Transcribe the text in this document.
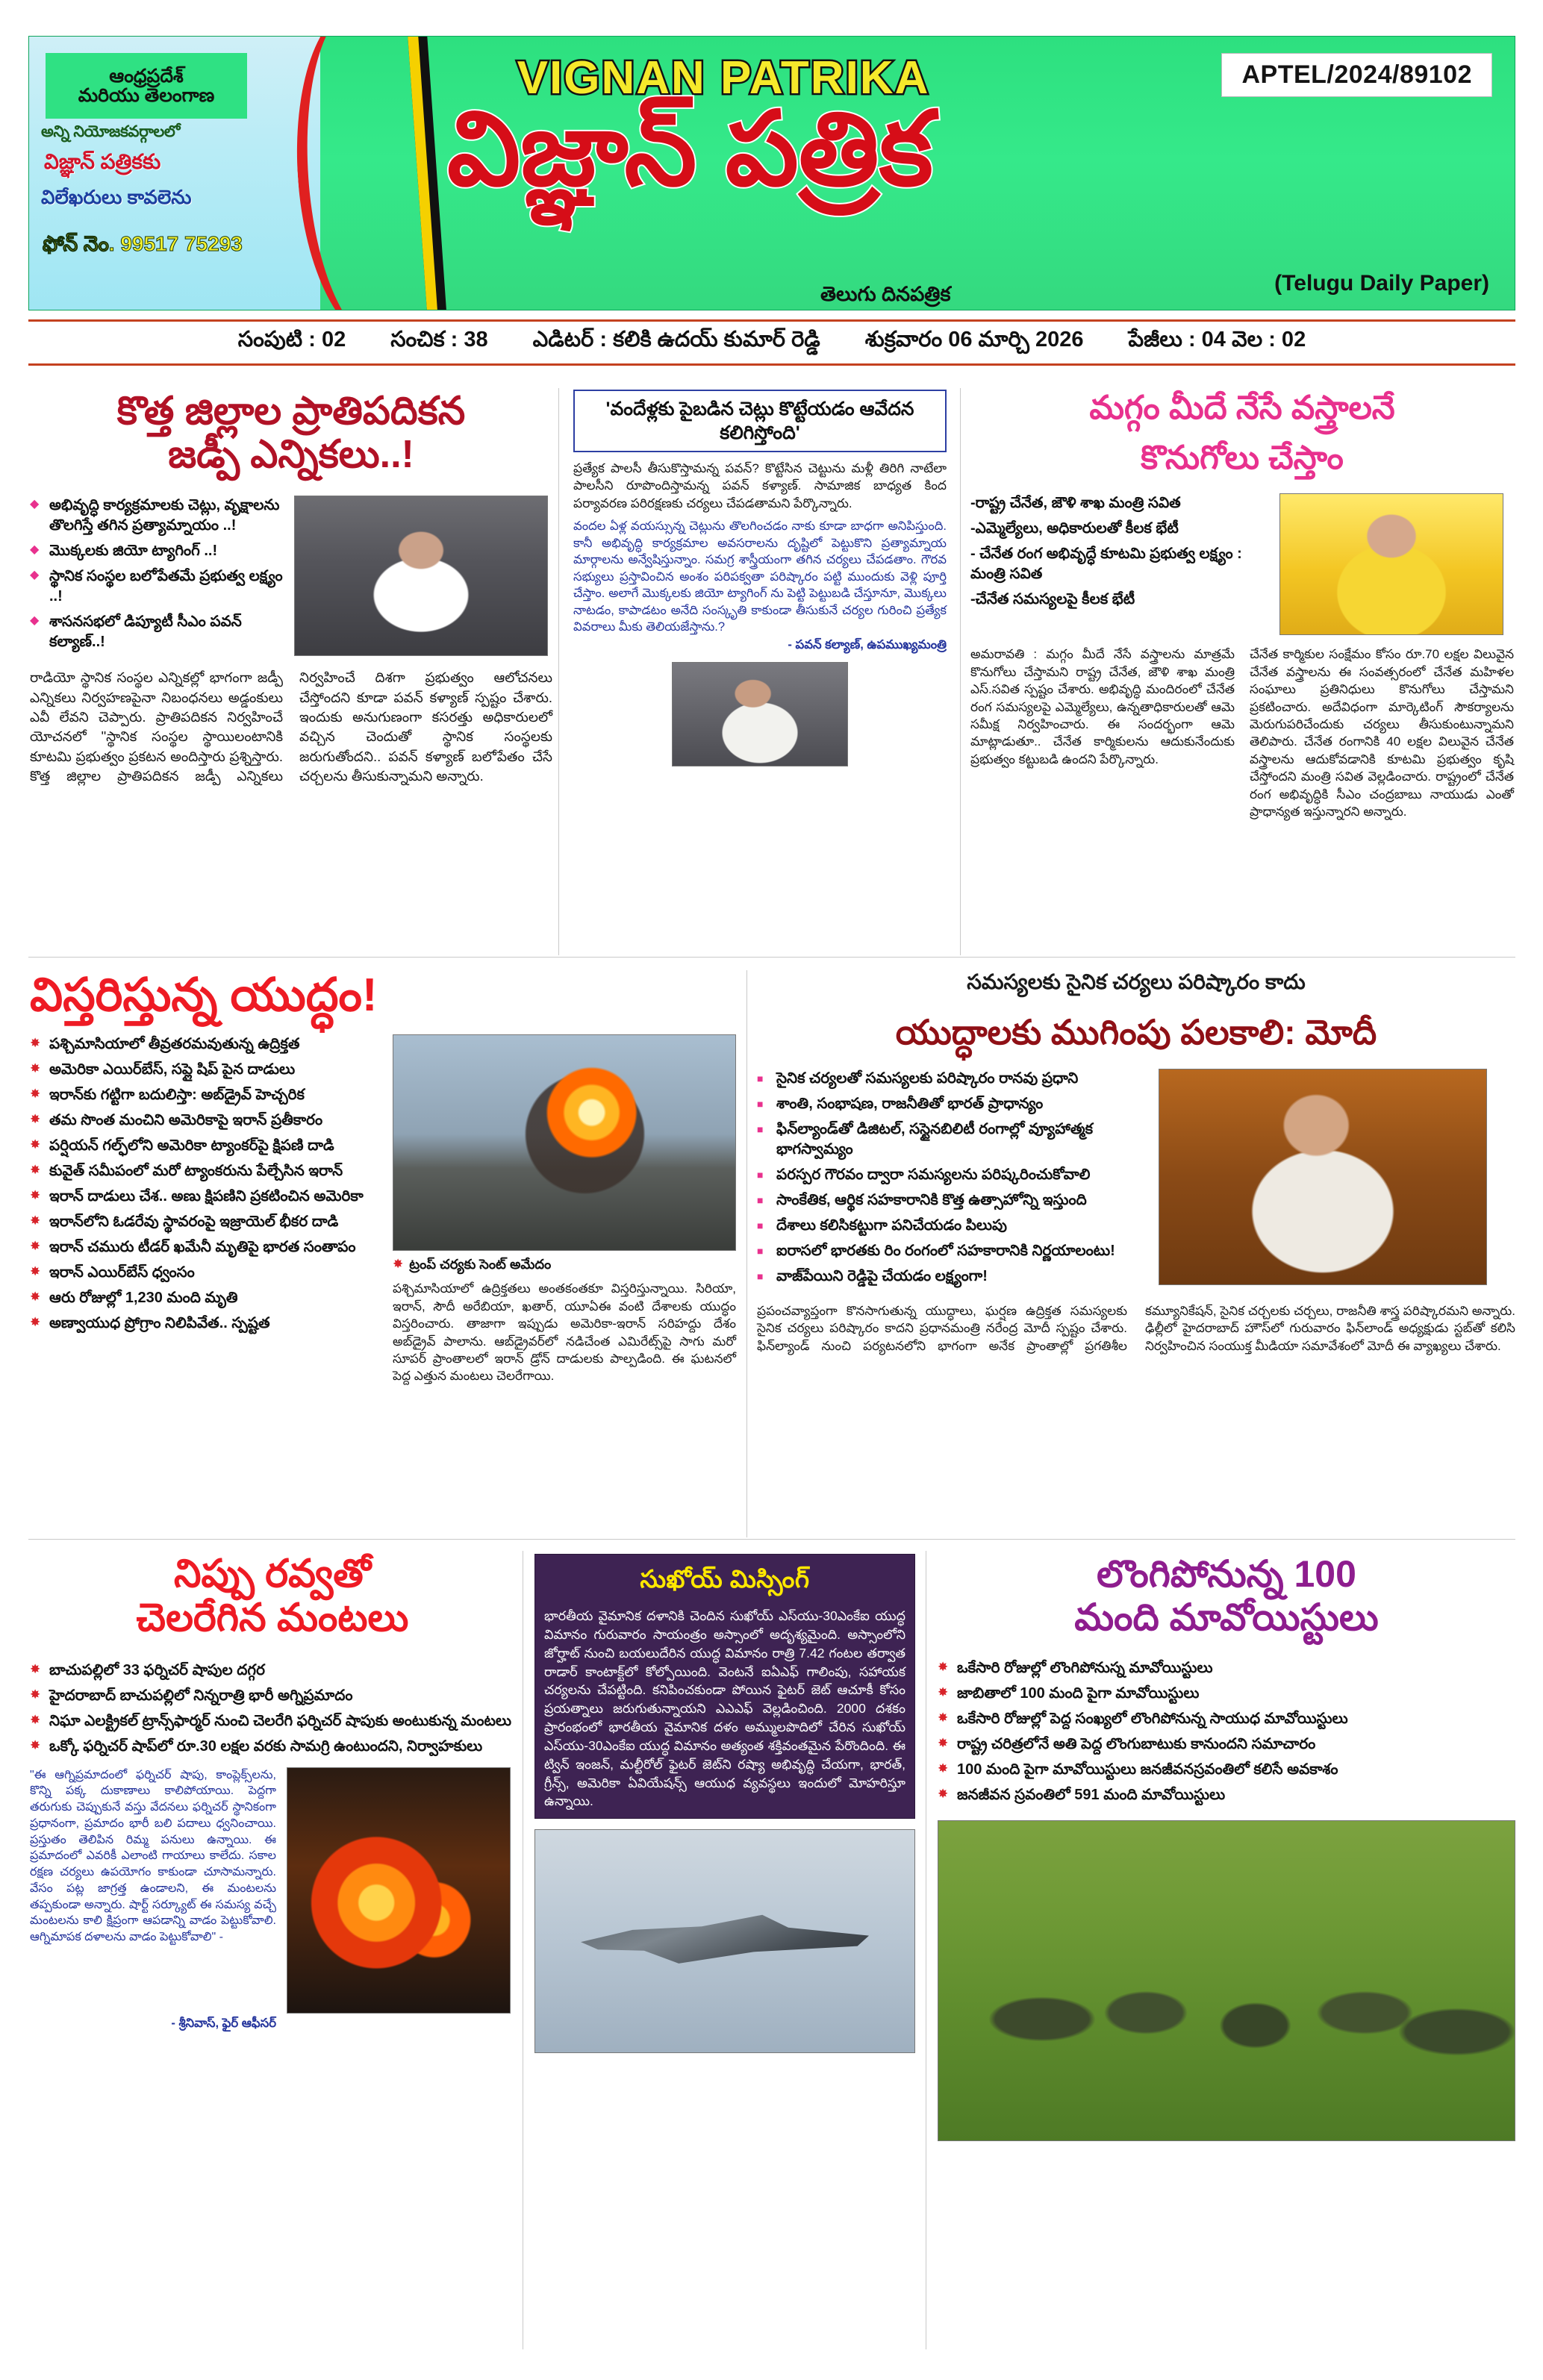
ఆంధ్రప్రదేశ్
మరియు తెలంగాణ
అన్ని నియోజకవర్గాలలో
విజ్ఞాన్ పత్రికకు
విలేఖరులు కావలెను
ఫోన్ నెం. 99517 75293
VIGNAN PATRIKA
విజ్ఞాన్ పత్రిక
తెలుగు దినపత్రిక
APTEL/2024/89102
(Telugu Daily Paper)
సంపుటి : 02 సంచిక : 38 ఎడిటర్ : కలికి ఉదయ్ కుమార్ రెడ్డి శుక్రవారం 06 మార్చి 2026 పేజీలు : 04 వెల : 02
కొత్త జిల్లాల ప్రాతిపదికన
జడ్పీ ఎన్నికలు..!
◆ అభివృద్ధి కార్యక్రమాలకు చెట్లు, వృక్షాలను తొలగిస్తే తగిన ప్రత్యామ్నాయం ..!
◆ మొక్కలకు జియో ట్యాగింగ్ ..!
◆ స్థానిక సంస్థల బలోపేతమే ప్రభుత్వ లక్ష్యం ..!
◆ శాసనసభలో డిప్యూటీ సీఎం పవన్ కల్యాణ్..!
రాడియో స్థానిక సంస్థల ఎన్నికల్లో భాగంగా జడ్పీ ఎన్నికలు నిర్వహణపైనా నిబంధనలు అడ్డంకులు ఎవీ లేవని చెప్పారు. ప్రాతిపదికన నిర్వహించే యోచనలో "స్థానిక సంస్థల స్థాయిలంటానికి కూటమి ప్రభుత్వం ప్రకటన అందిస్తారు ప్రశ్నిస్తారు. కొత్త జిల్లాల ప్రాతిపదికన జడ్పీ ఎన్నికలు నిర్వహించే దిశగా ప్రభుత్వం ఆలోచనలు చేస్తోందని కూడా పవన్ కళ్యాణ్ స్పష్టం చేశారు. ఇందుకు అనుగుణంగా కసరత్తు అధికారులలో వచ్చిన చెందుతో స్థానిక సంస్థలకు జరుగుతోందని.. పవన్ కళ్యాణ్ బలోపేతం చేసే చర్చలను తీసుకున్నామని అన్నారు.
'వందేళ్లకు పైబడిన చెట్లు కొట్టేయడం ఆవేదన కలిగిస్తోంది'
ప్రత్యేక పాలసీ తీసుకొస్తామన్న పవన్? కొట్టేసిన చెట్టును మళ్లీ తిరిగి నాటేలా పాలసీని రూపొందిస్తామన్న పవన్ కళ్యాణ్. సామాజిక బాధ్యత కింద పర్యావరణ పరిరక్షణకు చర్యలు చేపడతామని పేర్కొన్నారు.
వందల ఏళ్ల వయస్సున్న చెట్లును తొలగించడం నాకు కూడా బాధగా అనిపిస్తుంది. కానీ అభివృద్ధి కార్యక్రమాల అవసరాలను దృష్టిలో పెట్టుకొని ప్రత్యామ్నాయ మార్గాలను అన్వేషిస్తున్నాం. సమగ్ర శాస్త్రీయంగా తగిన చర్యలు చేపడతాం. గౌరవ సభ్యులు ప్రస్తావించిన అంశం పరిపక్వతా పరిష్కారం పట్టి ముందుకు వెళ్లి పూర్తి చేస్తాం. అలాగే మొక్కలకు జియో ట్యాగింగ్ ను పెట్టి పెట్టుబడి చేస్తూనూ, మొక్కలు నాటడం, కాపాడటం అనేది సంస్కృతి కాకుండా తీసుకునే చర్యల గురించి ప్రత్యేక వివరాలు మీకు తెలియజేస్తాను.?
- పవన్ కల్యాణ్, ఉపముఖ్యమంత్రి
మగ్గం మీదే నేసే వస్త్రాలనే
కొనుగోలు చేస్తాం
-రాష్ట్ర చేనేత, జౌళి శాఖ మంత్రి సవిత
-ఎమ్మెల్యేలు, అధికారులతో కీలక భేటీ
- చేనేత రంగ అభివృద్ధే కూటమి ప్రభుత్వ లక్ష్యం : మంత్రి సవిత
-చేనేత సమస్యలపై కీలక భేటీ
అమరావతి : మగ్గం మీదే నేసే వస్త్రాలను మాత్రమే కొనుగోలు చేస్తామని రాష్ట్ర చేనేత, జౌళి శాఖ మంత్రి ఎస్.సవిత స్పష్టం చేశారు. అభివృద్ధి మందిరంలో చేనేత రంగ సమస్యలపై ఎమ్మెల్యేలు, ఉన్నతాధికారులతో ఆమె సమీక్ష నిర్వహించారు. ఈ సందర్భంగా ఆమె మాట్లాడుతూ.. చేనేత కార్మికులను ఆదుకునేందుకు ప్రభుత్వం కట్టుబడి ఉందని పేర్కొన్నారు.
చేనేత కార్మికుల సంక్షేమం కోసం రూ.70 లక్షల విలువైన చేనేత వస్త్రాలను ఈ సంవత్సరంలో చేనేత మహిళల సంఘాలు ప్రతినిధులు కొనుగోలు చేస్తామని ప్రకటించారు. అదేవిధంగా మార్కెటింగ్ సౌకర్యాలను మెరుగుపరిచేందుకు చర్యలు తీసుకుంటున్నామని తెలిపారు. చేనేత రంగానికి 40 లక్షల విలువైన చేనేత వస్త్రాలను ఆదుకోవడానికి కూటమి ప్రభుత్వం కృషి చేస్తోందని మంత్రి సవిత వెల్లడించారు. రాష్ట్రంలో చేనేత రంగ అభివృద్ధికి సీఎం చంద్రబాబు నాయుడు ఎంతో ప్రాధాన్యత ఇస్తున్నారని అన్నారు.
విస్తరిస్తున్న యుద్ధం!
✸ పశ్చిమాసియాలో తీవ్రతరమవుతున్న ఉద్రిక్తత
✸ అమెరికా ఎయిర్‌బేస్, సప్లై షిప్ పైన దాడులు
✸ ఇరాన్‌కు గట్టిగా బదులిస్తా: అబ్‌డ్రైవ్ హెచ్చరిక
✸ తమ సొంత మంచిని అమెరికాపై ఇరాన్ ప్రతీకారం
✸ పర్షియన్ గల్ఫ్‌లోని అమెరికా ట్యాంకర్‌పై క్షిపణి దాడి
✸ కువైత్ సమీపంలో మరో ట్యాంకరును పేల్చేసిన ఇరాన్
✸ ఇరాన్ దాడులు చేశ.. అణు క్షిపణిని ప్రకటించిన అమెరికా
✸ ఇరాన్‌లోని ఓడరేవు స్థావరంపై ఇజ్రాయెల్ భీకర దాడి
✸ ఇరాన్ చమురు టీడర్ ఖమేనీ మృతిపై భారత సంతాపం
✸ ఇరాన్ ఎయిర్‌బేస్ ధ్వంసం
✸ ఆరు రోజుల్లో 1,230 మంది మృతి
✸ అణ్వాయుధ ప్రోగ్రాం నిలిపివేత.. స్పష్టత
✸ ట్రంప్ చర్యకు సెంట్ అమేదం
పశ్చిమాసియాలో ఉద్రిక్తతలు అంతకంతకూ విస్తరిస్తున్నాయి. సిరియా, ఇరాన్, సౌదీ అరేబియా, ఖతార్, యూఏఈ వంటి దేశాలకు యుద్ధం విస్తరించారు. తాజాగా ఇప్పుడు అమెరికా-ఇరాన్ సరిహద్దు దేశం అబ్‌డ్రైవ్ పాలాను. ఆబ్‌డ్రైవర్‌లో నడిచేంత ఎమిరేట్స్‌పై సాగు మరో సూపర్ ప్రాంతాలలో ఇరాన్ డ్రోన్ దాడులకు పాల్పడింది. ఈ ఘటనలో పెద్ద ఎత్తున మంటలు చెలరేగాయి.
సమస్యలకు సైనిక చర్యలు పరిష్కారం కాదు
యుద్ధాలకు ముగింపు పలకాలి: మోదీ
■ సైనిక చర్యలతో సమస్యలకు పరిష్కారం రానవు ప్రధాని
■ శాంతి, సంభాషణ, రాజనీతితో భారత్ ప్రాధాన్యం
■ ఫిన్‌ల్యాండ్‌తో డిజిటల్, సస్టైనబిలిటీ రంగాల్లో వ్యూహాత్మక భాగస్వామ్యం
■ పరస్పర గౌరవం ద్వారా సమస్యలను పరిష్కరించుకోవాలి
■ సాంకేతిక, ఆర్థిక సహకారానికి కొత్త ఉత్సాహోన్ని ఇస్తుంది
■ దేశాలు కలిసికట్టుగా పనిచేయడం పిలుపు
■ ఐరాసలో భారతకు రిం రంగంలో సహకారానికి నిర్ణయాలంటు!
■ వాజ్‌పేయిని రెడ్డిపై చేయడం లక్ష్యంగా!
ప్రపంచవ్యాప్తంగా కొనసాగుతున్న యుద్ధాలు, ఘర్షణ ఉద్రిక్తత సమస్యలకు సైనిక చర్యలు పరిష్కారం కాదని ప్రధానమంత్రి నరేంద్ర మోదీ స్పష్టం చేశారు. ఫిన్‌ల్యాండ్ నుంచి పర్యటనలోని భాగంగా అనేక ప్రాంతాల్లో ప్రగతిశీల కమ్యూనికేషన్, సైనిక చర్చలకు చర్చలు, రాజనీతి శాస్త్ర పరిష్కారమని అన్నారు. ఢిల్లీలో హైదరాబాద్ హౌస్‌లో గురువారం ఫిన్‌లాండ్ అధ్యక్షుడు స్టబ్‌తో కలిసి నిర్వహించిన సంయుక్త మీడియా సమావేశంలో మోదీ ఈ వ్యాఖ్యలు చేశారు.
నిప్పు రవ్వతో
చెలరేగిన మంటలు
✸ బాచుపల్లిలో 33 ఫర్నిచర్ షాపుల దగ్గర
✸ హైదరాబాద్ బాచుపల్లిలో నిన్నరాత్రి భారీ అగ్నిప్రమాదం
✸ నిఘా ఎలక్ట్రికల్ ట్రాన్స్‌ఫార్మర్ నుంచి చెలరేగి ఫర్నిచర్ షాపుకు అంటుకున్న మంటలు
✸ ఒక్కో ఫర్నిచర్ షాప్‌లో రూ.30 లక్షల వరకు సామగ్రి ఉంటుందని, నిర్వాహకులు
"ఈ ఆగ్నిప్రమాదంలో ఫర్నిచర్ షాపు, కాంప్లెక్స్‌లను, కొన్ని పక్క దుకాణాలు కాలిపోయాయి. పెద్దగా తరుగుకు చెప్పుకునే వస్తు వేదనలు ఫర్నిచర్ స్థానికంగా ప్రధానంగా, ప్రమాదం భారీ బలి పదాలు ధ్వనించాయి. ప్రస్తుతం తెలిపిన రిమ్మ పనులు ఉన్నాయి. ఈ ప్రమాదంలో ఎవరికీ ఎలాంటి గాయాలు కాలేదు. సకాల రక్షణ చర్యలు ఉపయోగం కాకుండా చూసామన్నారు. వేసం పట్ల జాగ్రత్త ఉండాలని, ఈ మంటలను తప్పకుండా అన్నారు. షార్ట్ సర్క్యూట్ ఈ సమస్య వచ్చే మంటలను కాలి క్షిప్రంగా ఆపడాన్ని వాడం పెట్టుకోవాలి. ఆగ్నిమాపక దళాలను వాడం పెట్టుకోవాలి" -
- శ్రీనివాస్, ఫైర్ ఆఫీసర్
సుఖోయ్ మిస్సింగ్

భారతీయ వైమానిక దళానికి చెందిన సుఖోయ్ ఎస్‌యు-30ఎంకేఐ యుద్ధ విమానం గురువారం సాయంత్రం అస్సాంలో అదృశ్యమైంది. అస్సాంలోని జోర్హాట్ నుంచి బయలుదేరిన యుద్ధ విమానం రాత్రి 7.42 గంటల తర్వాత రాడార్ కాంటాక్ట్‌లో కోల్పోయింది. వెంటనే ఐఏఎఫ్ గాలింపు, సహాయక చర్యలను చేపట్టింది. కనిపించకుండా పోయిన ఫైటర్ జెట్ ఆచూకీ కోసం ప్రయత్నాలు జరుగుతున్నాయని ఎఎఎఫ్ వెల్లడించింది. 2000 దశకం ప్రారంభంలో భారతీయ వైమానిక దళం అమ్ములపొదిలో చేరిన సుఖోయ్ ఎస్‌యు-30ఎంకేఐ యుద్ధ విమానం అత్యంత శక్తివంతమైన పేరొందింది. ఈ ట్విన్ ఇంజన్, మల్టీరోల్ ఫైటర్ జెట్‌ని రష్యా అభివృద్ధి చేయగా, భారత్, గ్రీన్స్, అమెరికా ఏవియేషన్స్ ఆయుధ వ్యవస్థలు ఇందులో మోహరిస్తూ ఉన్నాయి.

లొంగిపోనున్న 100
మంది మావోయిస్టులు
✸ ఒకేసారి రోజుల్లో లొంగిపోనుస్న మావోయిస్టులు
✸ జాబితాలో 100 మంది పైగా మావోయిస్టులు
✸ ఒకేసారి రోజుల్లో పెద్ద సంఖ్యలో లొంగిపోనున్న సాయుధ మావోయిస్టులు
✸ రాష్ట్ర చరిత్రలోనే అతి పెద్ద లొంగుబాటుకు కానుందని సమాచారం
✸ 100 మంది పైగా మావోయిస్టులు జనజీవనస్రవంతిలో కలిసే అవకాశం
✸ జనజీవన స్రవంతిలో 591 మంది మావోయిస్టులు
